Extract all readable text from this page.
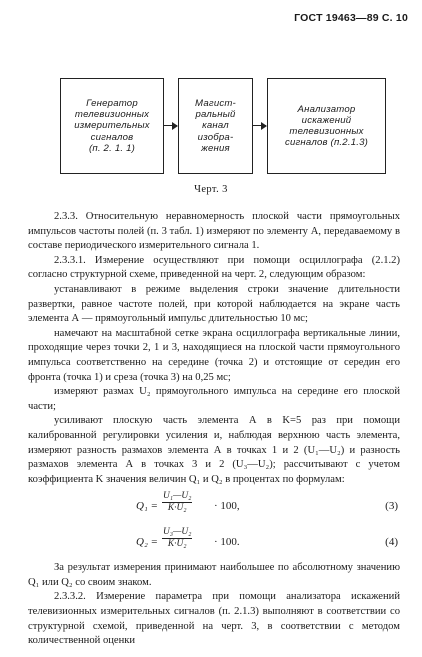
ГОСТ 19463—89 С. 10
Генератор
телевизионных
измерительных
сигналов
(п. 2. 1. 1)
Магист-
ральный
канал
изобра-
жения
Анализатор
искажений
телевизионных
сигналов (п.2.1.3)
Черт. 3

2.3.3. Относительную неравномерность плоской части прямоугольных импульсов частоты полей (п. 3 табл. 1) измеряют по элементу А, передаваемому в составе периодического измерительного сигнала 1.

2.3.3.1. Измерение осуществляют при помощи осциллографа (2.1.2) согласно структурной схеме, приведенной на черт. 2, следующим образом:

устанавливают в режиме выделения строки значение длительности развертки, равное частоте полей, при которой наблюдается на экране часть элемента А — прямоугольный импульс длительностью 10 мс;

намечают на масштабной сетке экрана осциллографа вертикальные линии, проходящие через точки 2, 1 и 3, находящиеся на плоской части прямоугольного импульса соответственно на середине (точка 2) и отстоящие от середин его фронта (точка 1) и среза (точка 3) на 0,25 мс;

измеряют размах U₂ прямоугольного импульса на середине его плоской части;

усиливают плоскую часть элемента А в K=5 раз при помощи калиброванной регулировки усиления и, наблюдая верхнюю часть элемента, измеряют разность размахов элемента А в точках 1 и 2 (U₁—U₂) и разность размахов элемента А в точках 3 и 2 (U₃—U₂); рассчитывают с учетом коэффициента K значения величин Q₁ и Q₂ в процентах по формулам:

$Q_1 = \frac{\text{U₁—U₂}}{\text{K·U₂}} \cdot 100$,	(3)
$Q_2 = \frac{\text{U₃—U₂}}{\text{K·U₂}} \cdot 100$.	(4)

За результат измерения принимают наибольшее по абсолютному значению Q₁ или Q₂ со своим знаком.

2.3.3.2. Измерение параметра при помощи анализатора искажений телевизионных измерительных сигналов (п. 2.1.3) выполняют в соответствии со структурной схемой, приведенной на черт. 3, в соответствии с методом количественной оценки
